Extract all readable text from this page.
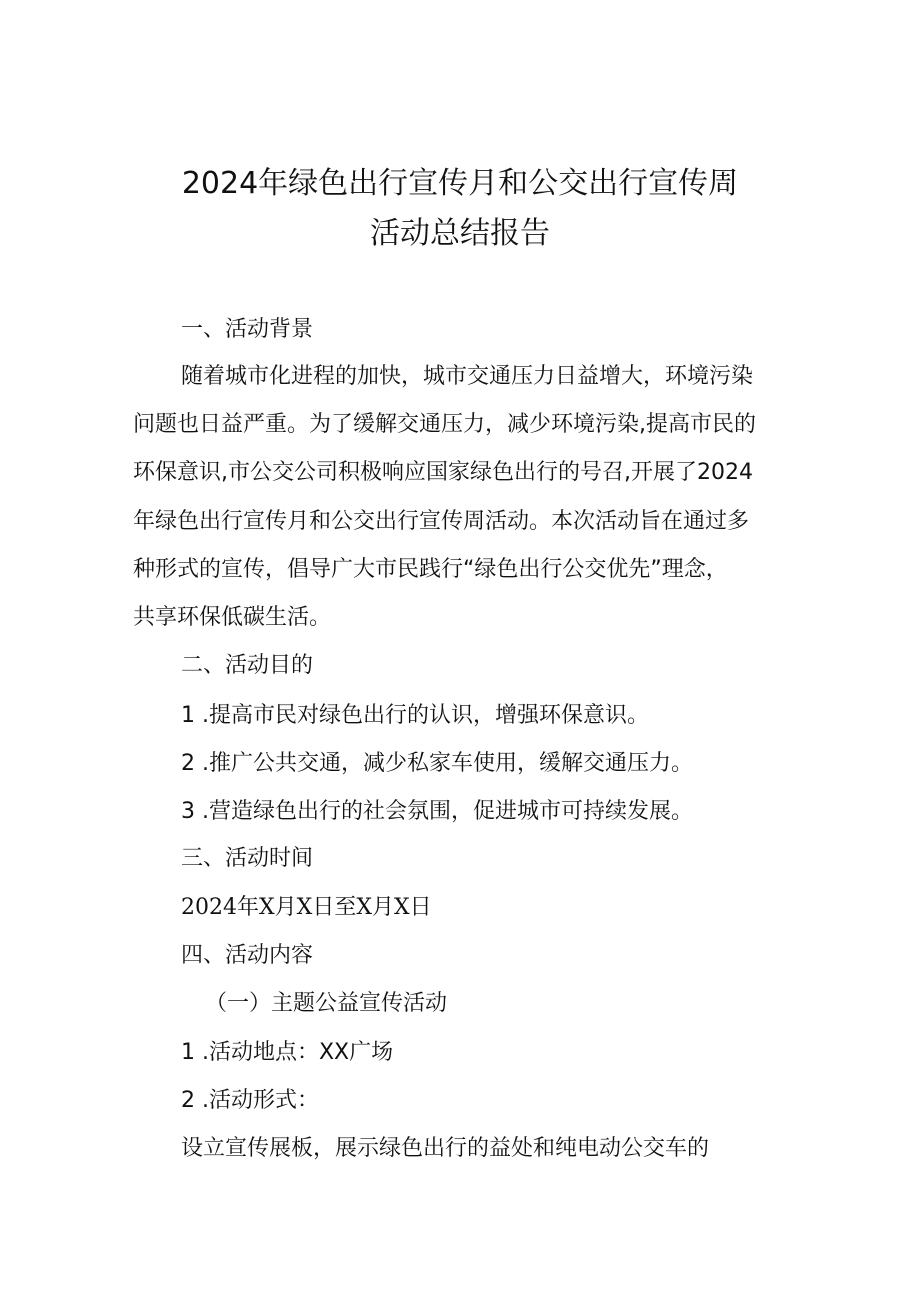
2024年绿色出行宣传月和公交出行宣传周
活动总结报告
一、活动背景
随着城市化进程的加快，城市交通压力日益增大，环境污染
问题也日益严重。为了缓解交通压力，减少环境污染,提高市民的
环保意识,市公交公司积极响应国家绿色出行的号召,开展了2024
年绿色出行宣传月和公交出行宣传周活动。本次活动旨在通过多
种形式的宣传，倡导广大市民践行“绿色出行公交优先”理念，
共享环保低碳生活。
二、活动目的
1 .提高市民对绿色出行的认识，增强环保意识。
2 .推广公共交通，减少私家车使用，缓解交通压力。
3 .营造绿色出行的社会氛围，促进城市可持续发展。
三、活动时间
2024年X月X日至X月X日
四、活动内容
（一）主题公益宣传活动
1 .活动地点：XX广场
2 .活动形式：
设立宣传展板，展示绿色出行的益处和纯电动公交车的
